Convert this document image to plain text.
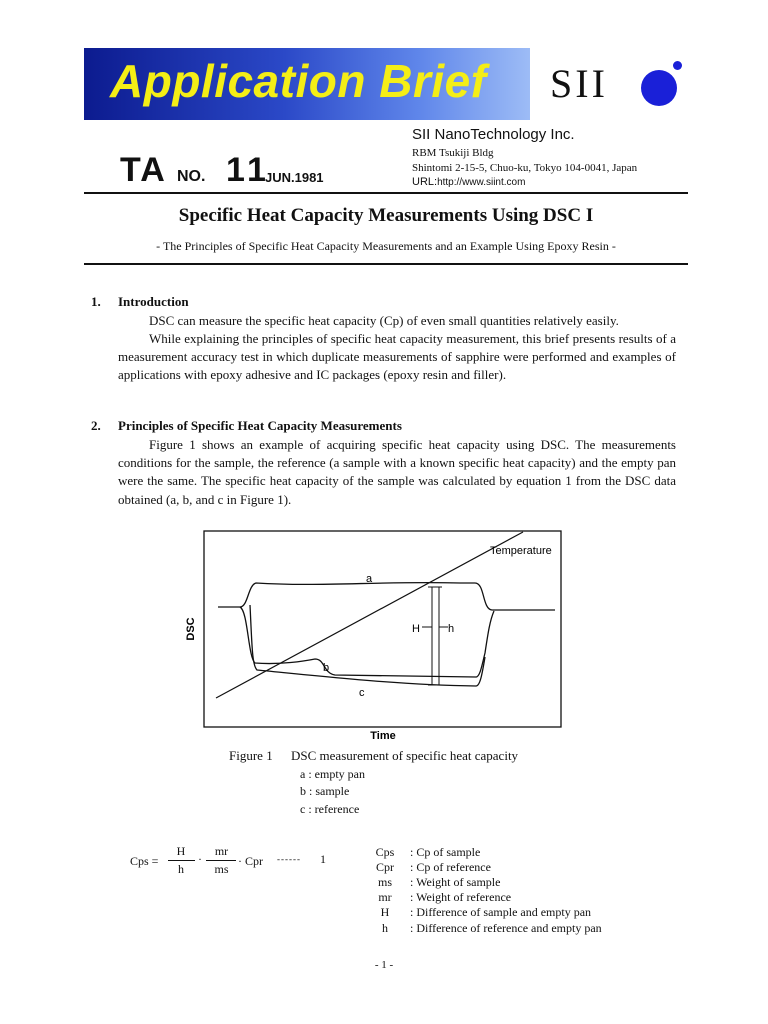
Application Brief SII
SII NanoTechnology Inc.
RBM Tsukiji Bldg
Shintomi 2-15-5, Chuo-ku, Tokyo 104-0041, Japan
URL:http://www.siint.com
TA NO. 11
JUN.1981
Specific Heat Capacity Measurements Using DSC I
- The Principles of Specific Heat Capacity Measurements and an Example Using Epoxy Resin -
1. Introduction
DSC can measure the specific heat capacity (Cp) of even small quantities relatively easily.
While explaining the principles of specific heat capacity measurement, this brief presents results of a measurement accuracy test in which duplicate measurements of sapphire were performed and examples of applications with epoxy adhesive and IC packages (epoxy resin and filler).
2. Principles of Specific Heat Capacity Measurements
Figure 1 shows an example of acquiring specific heat capacity using DSC. The measurements conditions for the sample, the reference (a sample with a known specific heat capacity) and the empty pan were the same. The specific heat capacity of the sample was calculated by equation 1 from the DSC data obtained (a, b, and c in Figure 1).
Temperature
a
b
c
H	h
DSC
Time
Figure 1 DSC measurement of specific heat capacity
a : empty pan
b : sample
c : reference
Cps =
H
h
·
mr
ms
· Cpr ------ 1	Cps	: Cp of sample
Cpr	: Cp of reference
ms	: Weight of sample
mr	: Weight of reference
H	: Difference of sample and empty pan
h	: Difference of reference and empty pan
- 1 -
